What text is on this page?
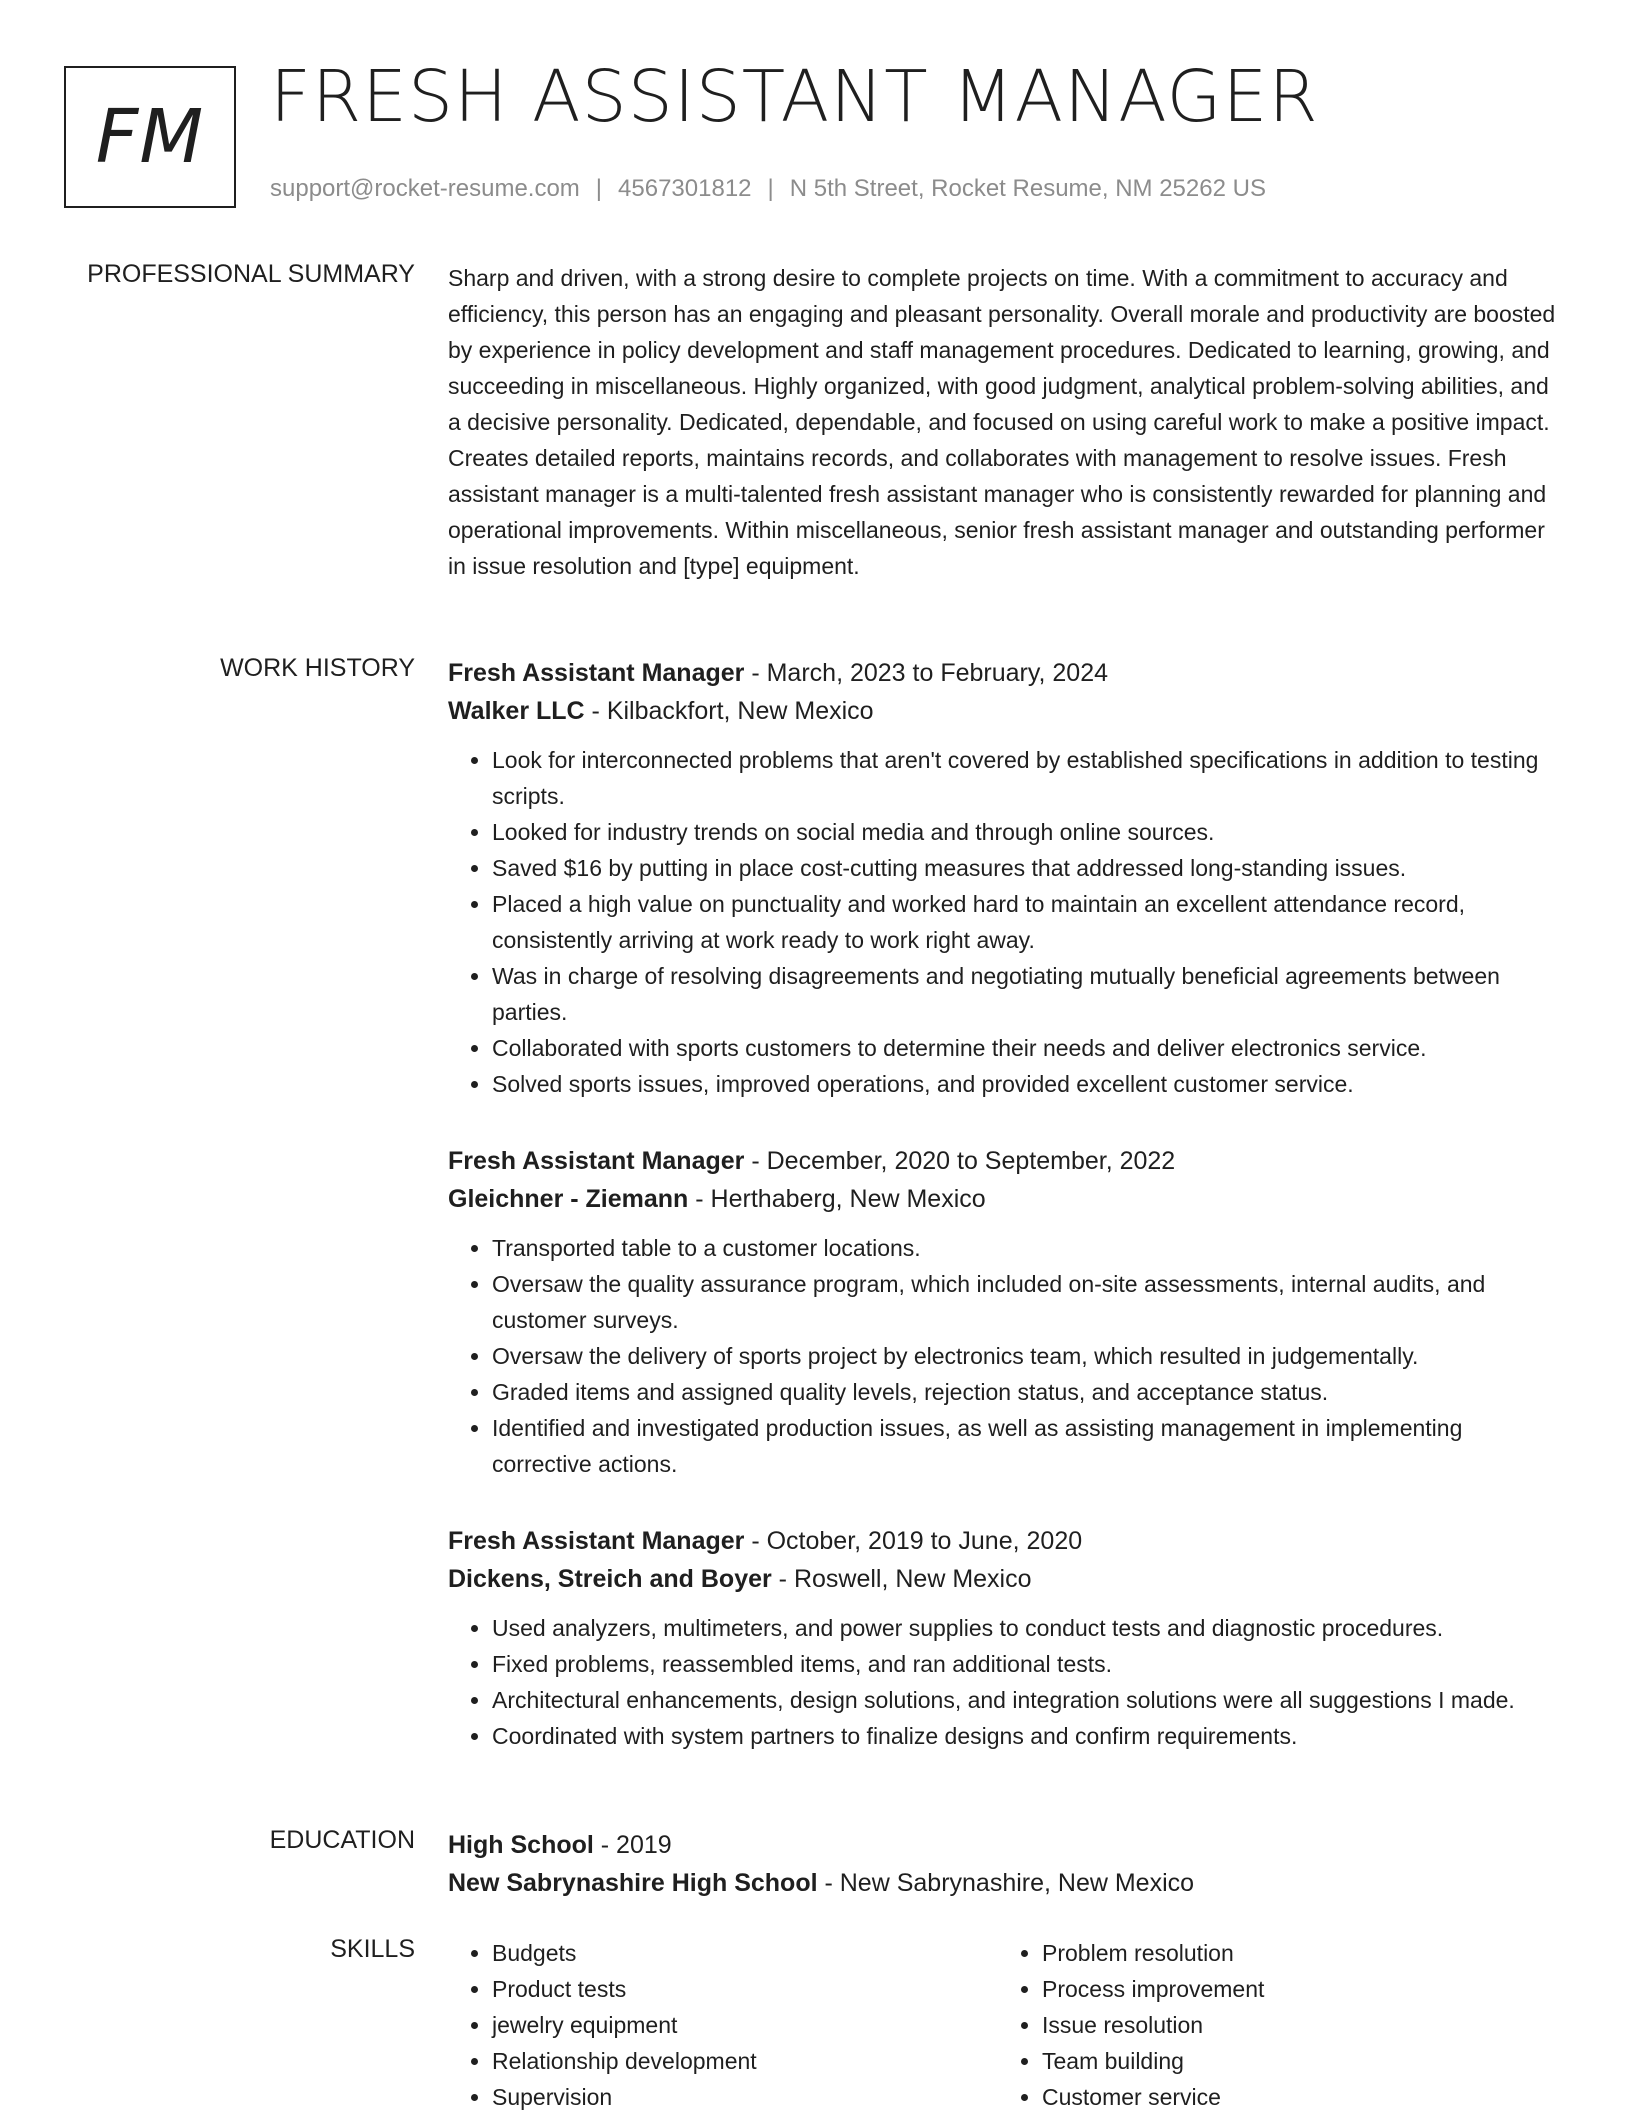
FM FRESH ASSISTANT MANAGER
support@rocket-resume.com | 4567301812 | N 5th Street, Rocket Resume, NM 25262 US
PROFESSIONAL SUMMARY Sharp and driven, with a strong desire to complete projects on time. With a commitment to accuracy and efficiency, this person has an engaging and pleasant personality. Overall morale and productivity are boosted by experience in policy development and staff management procedures. Dedicated to learning, growing, and succeeding in miscellaneous. Highly organized, with good judgment, analytical problem-solving abilities, and a decisive personality. Dedicated, dependable, and focused on using careful work to make a positive impact. Creates detailed reports, maintains records, and collaborates with management to resolve issues. Fresh assistant manager is a multi-talented fresh assistant manager who is consistently rewarded for planning and operational improvements. Within miscellaneous, senior fresh assistant manager and outstanding performer in issue resolution and [type] equipment.

WORK HISTORY Fresh Assistant Manager - March, 2023 to February, 2024
Walker LLC - Kilbackfort, New Mexico
• Look for interconnected problems that aren't covered by established specifications in addition to testing scripts.
• Looked for industry trends on social media and through online sources.
• Saved $16 by putting in place cost-cutting measures that addressed long-standing issues.
• Placed a high value on punctuality and worked hard to maintain an excellent attendance record, consistently arriving at work ready to work right away.
• Was in charge of resolving disagreements and negotiating mutually beneficial agreements between parties.
• Collaborated with sports customers to determine their needs and deliver electronics service.
• Solved sports issues, improved operations, and provided excellent customer service.
Fresh Assistant Manager - December, 2020 to September, 2022
Gleichner - Ziemann - Herthaberg, New Mexico
• Transported table to a customer locations.
• Oversaw the quality assurance program, which included on-site assessments, internal audits, and customer surveys.
• Oversaw the delivery of sports project by electronics team, which resulted in judgementally.
• Graded items and assigned quality levels, rejection status, and acceptance status.
• Identified and investigated production issues, as well as assisting management in implementing corrective actions.
Fresh Assistant Manager - October, 2019 to June, 2020
Dickens, Streich and Boyer - Roswell, New Mexico
• Used analyzers, multimeters, and power supplies to conduct tests and diagnostic procedures.
• Fixed problems, reassembled items, and ran additional tests.
• Architectural enhancements, design solutions, and integration solutions were all suggestions I made.
• Coordinated with system partners to finalize designs and confirm requirements.
EDUCATION High School - 2019
New Sabrynashire High School - New Sabrynashire, New Mexico
SKILLS
•	Budgets
• Product tests
• jewelry equipment
• Relationship development
• Supervision
• Problem resolution
• Process improvement
• Issue resolution
• Team building
• Customer service
